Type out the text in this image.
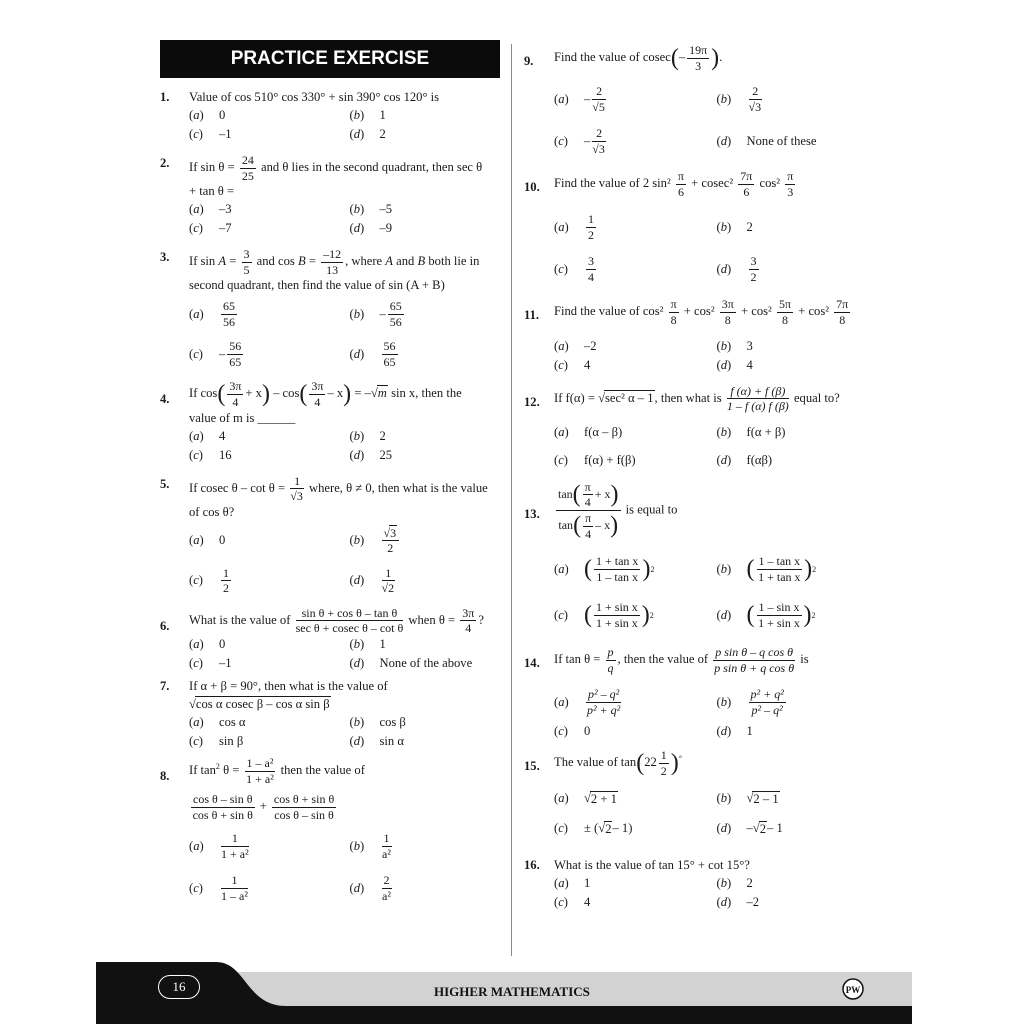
PRACTICE EXERCISE
1. Value of cos 510° cos 330° + sin 390° cos 120° is
(a)	0	(b)	1
(c)	–1	(d)	2
2. If $\sin \theta = \frac{24}{25}$ and θ lies in the second quadrant, then sec θ
+ tan θ =
(a)	–3	(b)	–5
(c)	–7	(d)	–9
3. If $\sin A = \frac{3}{5}$ and $\cos B = \frac{-12}{13}$ , where A and B both lie in
second quadrant, then find the value of sin (A + B)
(a)	$\frac{65}{56}$	(b)	– $\frac{65}{56}$
(c)	– $\frac{56}{65}$	(d)	$\frac{56}{65}$
4. If $\cos( \frac{3\pi}{4} + x) - \cos( \frac{3\pi}{4} - x) = -√m$ sin x, then the
value of m is ______
(a)	4	(b)	2
(c)	16	(d)	25
5. If cosec $\theta - \cot \theta = \frac{1}{√3}$ where, θ ≠ 0, then what is the value
of cos θ?
(a)	0	(b)	$\frac{√3}{2}$
(c)	$\frac{1}{2}$	(d)	$\frac{1}{√2}$
6. What is the value of $\frac{\text{sin θ + cos θ – tan θ}}{\text{sec θ + cosec θ – cot θ}}$ when $\theta = \frac{3\pi}{4}$ ?
(a)	0	(b)	1
(c)	–1	(d)	None of the above
7. If α + β = 90°, then what is the value of
√cos α cosec β – cos α sin β
(a)	cos α	(b)	cos β
(c)	sin β	(d)	sin α
8. If $\tan^2 \theta = \frac{\text{1 – a²}}{\text{1 + a²}}$ then the value of
$\frac{\text{cos θ – sin θ}}{\text{cos θ + sin θ}} + \frac{\text{cos θ + sin θ}}{\text{cos θ – sin θ}}$
(a)	$\frac{1}{\text{1 + a²}}$	(b)	$\frac{1}{\text{a²}}$
(c)	$\frac{1}{\text{1 – a²}}$	(d)	$\frac{2}{\text{a²}}$
9. Find the value of $cosec(- \frac{19\pi}{3}$ ).
(a)	– $\frac{2}{√5}$	(b)	$\frac{2}{√3}$
(c)	– $\frac{2}{√3}$	(d)	None of these
10. Find the value of 2 $\sin^2 \frac{\pi}{6} + cosec^2 \frac{7\pi}{6} \cos^2 \frac{\pi}{3}$
(a)	$\frac{1}{2}$	(b)	2
(c)	$\frac{3}{4}$	(d)	$\frac{3}{2}$
11. Find the value of $\cos^2 \frac{\pi}{8} + \cos^2 \frac{3\pi}{8} + \cos^2 \frac{5\pi}{8} + \cos^2 \frac{7\pi}{8}$
(a)	–2	(b)	3
(c)	4	(d)	4
12. If f(α) = √sec² α – 1, then what is $\frac{f (\alpha) + f (\beta)}{1 - f (\alpha) f (\beta)}$ equal to?
(a)	f(α – β)	(b)	f(α + β)
(c)	f(α) + f(β)	(d)	f(αβ)
13. $\frac{\tan( \frac{\pi}{4} + x)}{\tan( \frac{\pi}{4} - x)}$ is equal to
(a) ( $\frac{\text{1 + tan x}}{\text{1 – tan x}}$ ) 2	(b) ( $\frac{\text{1 – tan x}}{\text{1 + tan x}}$ ) 2
(c) ( $\frac{\text{1 + sin x}}{\text{1 + sin x}}$ ) 2	(d) ( $\frac{\text{1 – sin x}}{\text{1 + sin x}}$ ) 2
14. If $\tan \theta = \frac{p}{q}$ , then the value of $\frac{\text{p sin θ – q cos θ}}{\text{p sin θ + q cos θ}}$ is
(a)	$\frac{\text{p² – q²}}{\text{p² + q²}}$	(b)	$\frac{\text{p² + q²}}{\text{p² – q²}}$
(c)	0	(d)	1
15. The value of $\tan(22 \frac{1}{2} )^\circ$
(a)	√ 2 + 1	(b)	√ 2 – 1
(c)	± ( √ 2 – 1)	(d)	– √ 2 – 1
16. What is the value of tan 15° + cot 15°?
(a)	1	(b)	2
(c)	4	(d)	–2
16	HIGHER MATHEMATICS	PW
